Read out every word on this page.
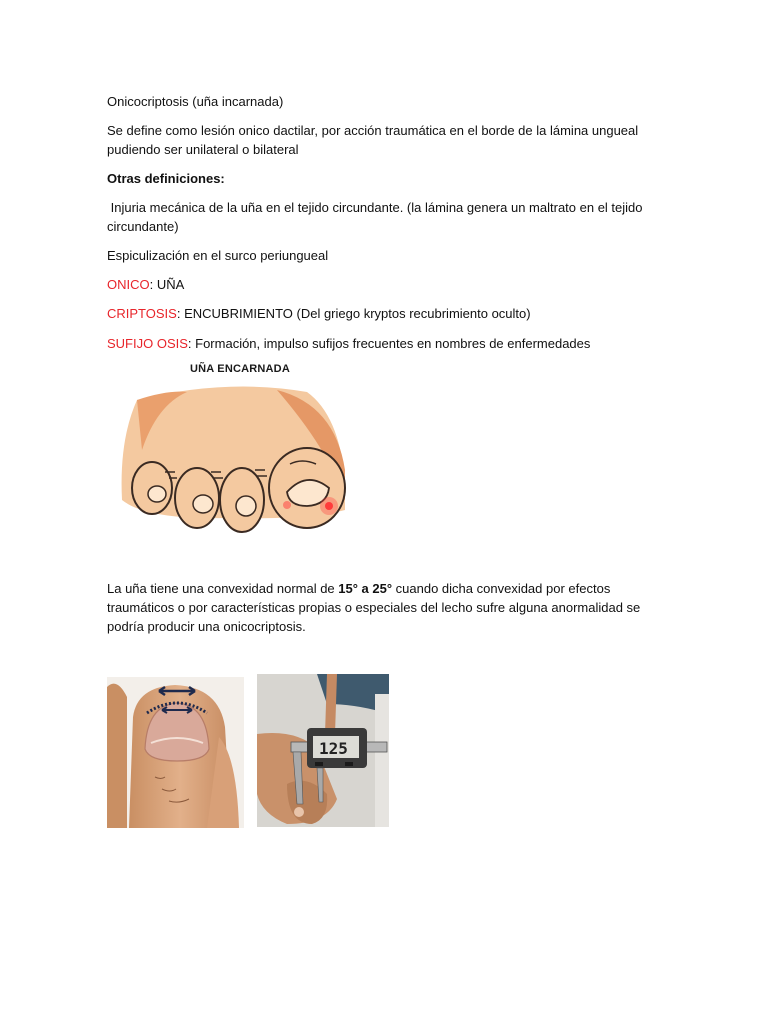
Onicocriptosis (uña incarnada)

Se define como lesión onico dactilar, por acción traumática en el borde de la lámina ungueal pudiendo ser unilateral o bilateral

Otras definiciones:

Injuria mecánica de la uña en el tejido circundante. (la lámina genera un maltrato en el tejido circundante)

Espiculización en el surco periungueal

ONICO: UÑA

CRIPTOSIS: ENCUBRIMIENTO (Del griego kryptos recubrimiento oculto)

SUFIJO OSIS: Formación, impulso sufijos frecuentes en nombres de enfermedades

UÑA ENCARNADA

La uña tiene una convexidad normal de 15° a 25° cuando dicha convexidad por efectos traumáticos o por características propias o especiales del lecho sufre alguna anormalidad se podría producir una onicocriptosis.

125
